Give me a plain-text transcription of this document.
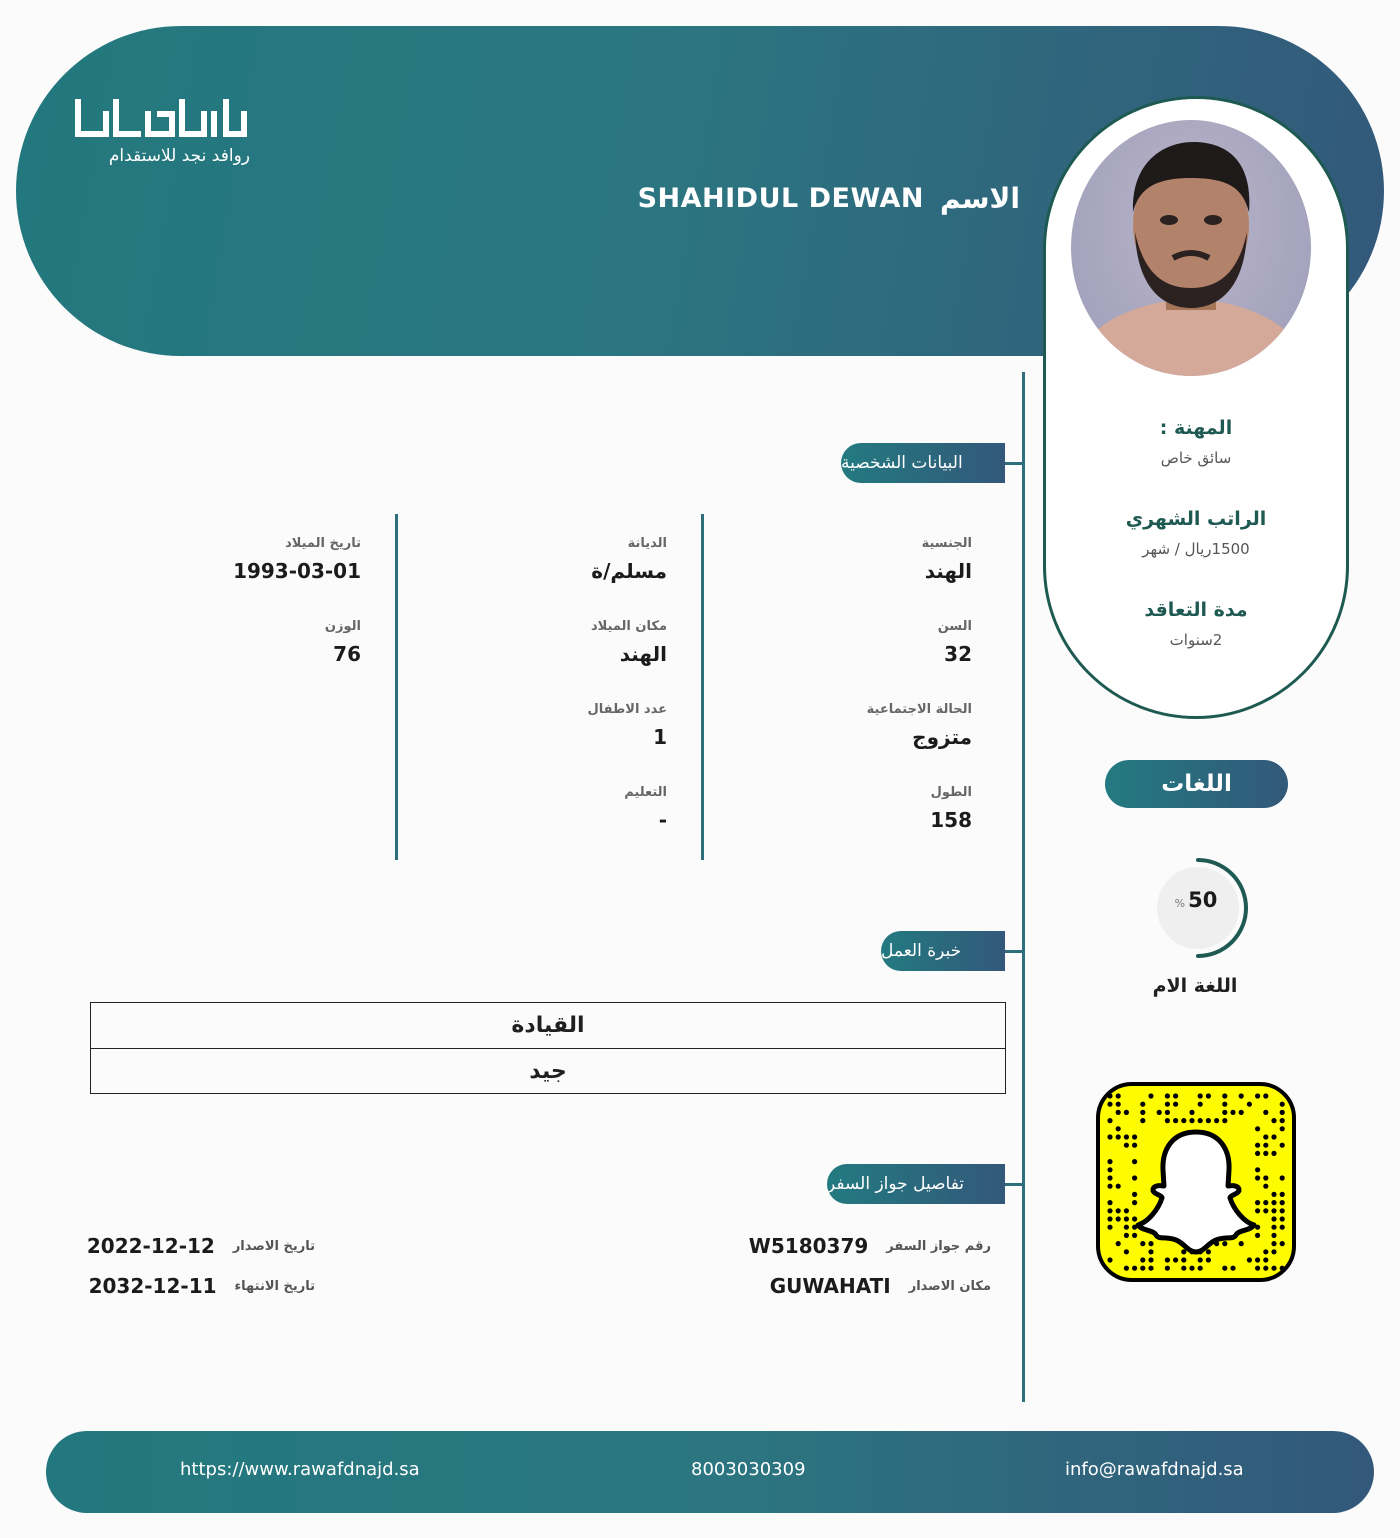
روافد نجد للاستقدام
SHAHIDUL DEWAN الاسم
المهنة :
سائق خاص
الراتب الشهري
1500ريال / شهر
مدة التعاقد
2سنوات
البيانات الشخصية
الجنسية
الهند
السن
32
الحالة الاجتماعية
متزوج
الطول
158
الديانة
مسلم/ة
مكان الميلاد
الهند
عدد الاطفال
1
التعليم
-
تاريخ الميلاد
1993-03-01
الوزن
76
خبرة العمل
القيادة
جيد
تفاصيل جواز السفر
W5180379 رقم جواز السفر
GUWAHATI مكان الاصدار
2022-12-12 تاريخ الاصدار
2032-12-11 تاريخ الانتهاء
اللغات
% 50
اللغة الام
https://www.rawafdnajd.sa	8003030309	info@rawafdnajd.sa
